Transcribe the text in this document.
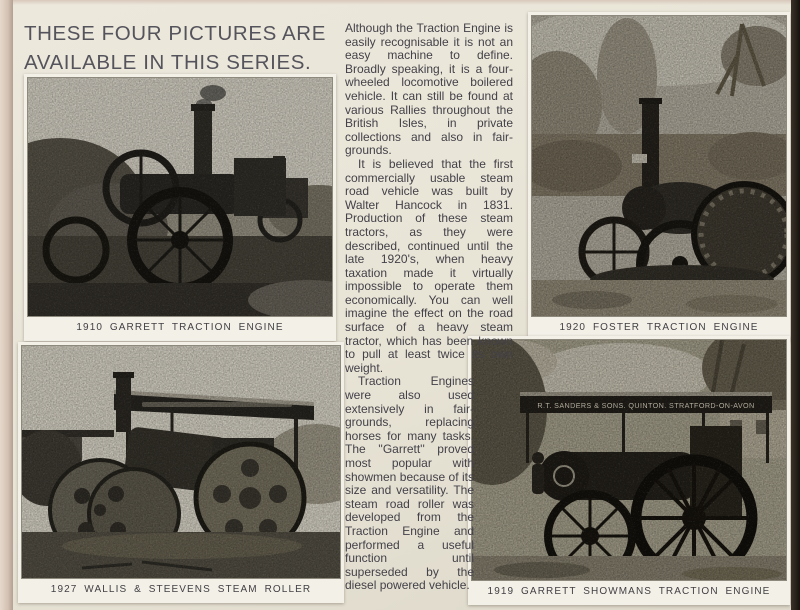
THESE FOUR PICTURES ARE
AVAILABLE IN THIS SERIES.
1910 GARRETT TRACTION ENGINE	1920 FOSTER TRACTION ENGINE
1927 WALLIS & STEEVENS STEAM ROLLER	1919 GARRETT SHOWMANS TRACTION ENGINE

Although the Traction Engine is easily recognisable it is not an easy machine to define. Broadly speaking, it is a four-wheeled locomotive boilered vehicle. It can still be found at various Rallies throughout the British Isles, in private collections and also in fair-grounds.

It is believed that the first commercially usable steam road vehicle was built by Walter Hancock in 1831. Production of these steam tractors, as they were described, continued until the late 1920's, when heavy taxation made it virtually impossible to operate them economically. You can well imagine the effect on the road surface of a heavy steam tractor, which has been known to pull at least twice its own weight.

Traction Engines were also used extensively in fair-grounds, replacing horses for many tasks. The ''Garrett'' proved most popular with showmen because of its size and versatility. The steam road roller was developed from the Traction Engine and performed a useful function until superseded by the diesel powered vehicle.
